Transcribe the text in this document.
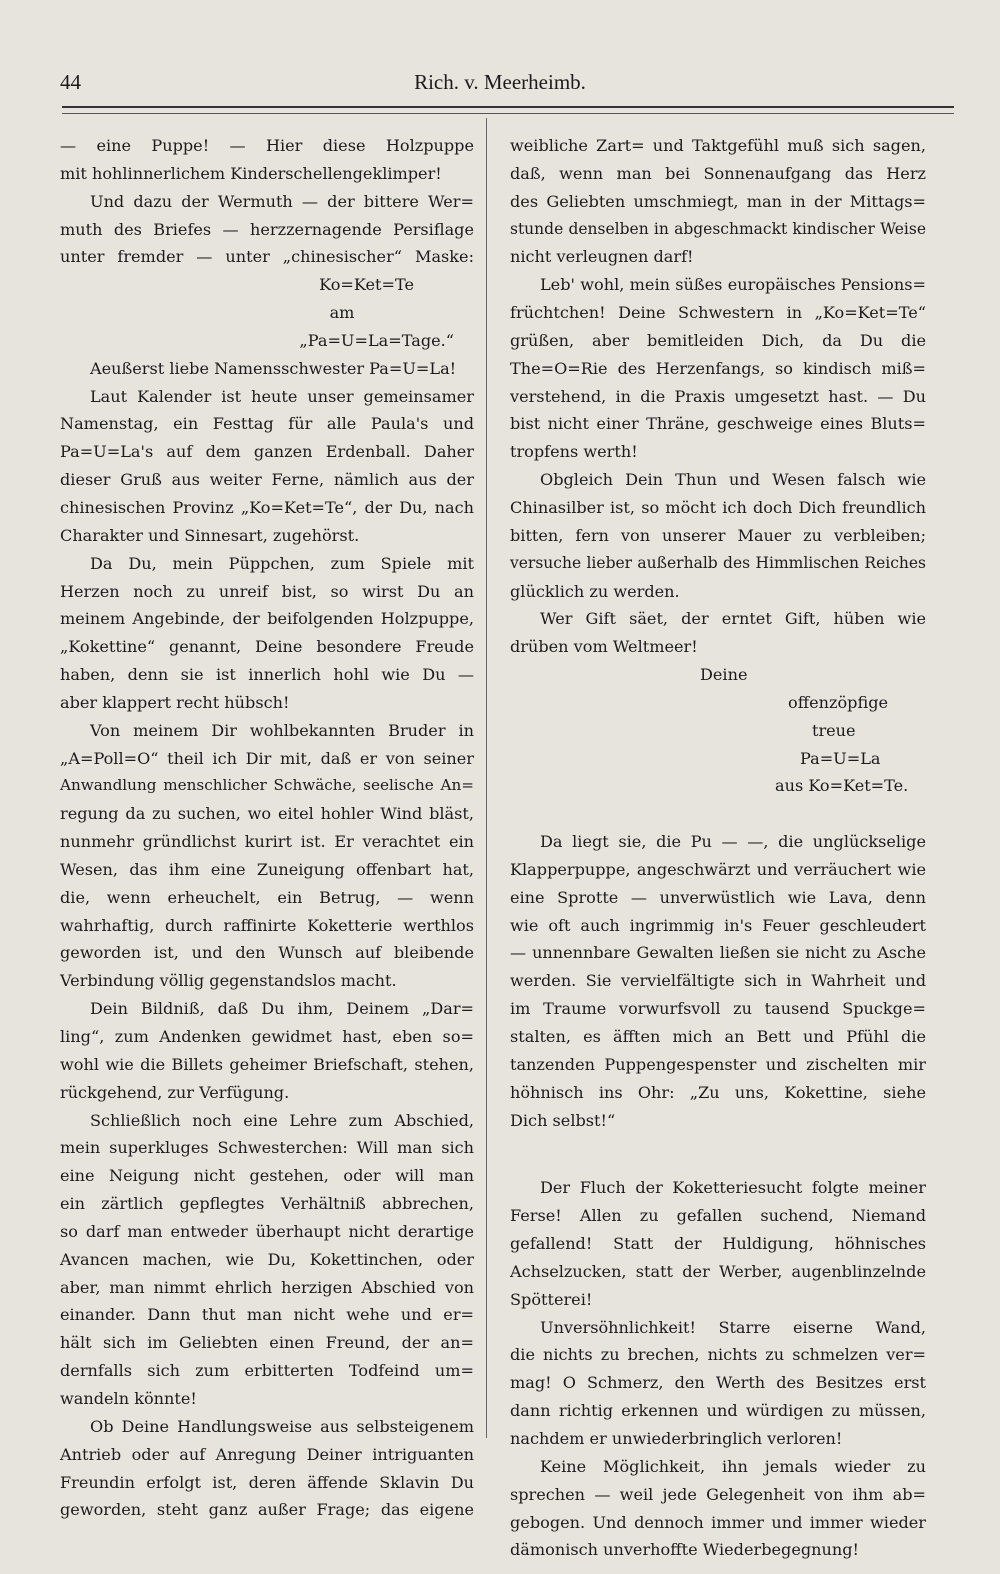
44	Rich. v. Meerheimb.
— eine Puppe! — Hier diese Holzpuppe
mit hohlinnerlichem Kinderschellengeklimper!
Und dazu der Wermuth — der bittere Wer=
muth des Briefes — herzzernagende Persiflage
unter fremder — unter „chinesischer“ Maske:
Ko=Ket=Te
am
„Pa=U=La=Tage.“
Aeußerst liebe Namensschwester Pa=U=La!
Laut Kalender ist heute unser gemeinsamer
Namenstag, ein Festtag für alle Paula's und
Pa=U=La's auf dem ganzen Erdenball. Daher
dieser Gruß aus weiter Ferne, nämlich aus der
chinesischen Provinz „Ko=Ket=Te“, der Du, nach
Charakter und Sinnesart, zugehörst.
Da Du, mein Püppchen, zum Spiele mit
Herzen noch zu unreif bist, so wirst Du an
meinem Angebinde, der beifolgenden Holzpuppe,
„Kokettine“ genannt, Deine besondere Freude
haben, denn sie ist innerlich hohl wie Du —
aber klappert recht hübsch!
Von meinem Dir wohlbekannten Bruder in
„A=Poll=O“ theil ich Dir mit, daß er von seiner
Anwandlung menschlicher Schwäche, seelische An=
regung da zu suchen, wo eitel hohler Wind bläst,
nunmehr gründlichst kurirt ist. Er verachtet ein
Wesen, das ihm eine Zuneigung offenbart hat,
die, wenn erheuchelt, ein Betrug, — wenn
wahrhaftig, durch raffinirte Koketterie werthlos
geworden ist, und den Wunsch auf bleibende
Verbindung völlig gegenstandslos macht.
Dein Bildniß, daß Du ihm, Deinem „Dar=
ling“, zum Andenken gewidmet hast, eben so=
wohl wie die Billets geheimer Briefschaft, stehen,
rückgehend, zur Verfügung.
Schließlich noch eine Lehre zum Abschied,
mein superkluges Schwesterchen: Will man sich
eine Neigung nicht gestehen, oder will man
ein zärtlich gepflegtes Verhältniß abbrechen,
so darf man entweder überhaupt nicht derartige
Avancen machen, wie Du, Kokettinchen, oder
aber, man nimmt ehrlich herzigen Abschied von
einander. Dann thut man nicht wehe und er=
hält sich im Geliebten einen Freund, der an=
dernfalls sich zum erbitterten Todfeind um=
wandeln könnte!
Ob Deine Handlungsweise aus selbsteigenem
Antrieb oder auf Anregung Deiner intriguanten
Freundin erfolgt ist, deren äffende Sklavin Du
geworden, steht ganz außer Frage; das eigene
weibliche Zart= und Taktgefühl muß sich sagen,
daß, wenn man bei Sonnenaufgang das Herz
des Geliebten umschmiegt, man in der Mittags=
stunde denselben in abgeschmackt kindischer Weise
nicht verleugnen darf!
Leb' wohl, mein süßes europäisches Pensions=
früchtchen! Deine Schwestern in „Ko=Ket=Te“
grüßen, aber bemitleiden Dich, da Du die
The=O=Rie des Herzenfangs, so kindisch miß=
verstehend, in die Praxis umgesetzt hast. — Du
bist nicht einer Thräne, geschweige eines Bluts=
tropfens werth!
Obgleich Dein Thun und Wesen falsch wie
Chinasilber ist, so möcht ich doch Dich freundlich
bitten, fern von unserer Mauer zu verbleiben;
versuche lieber außerhalb des Himmlischen Reiches
glücklich zu werden.
Wer Gift säet, der erntet Gift, hüben wie
drüben vom Weltmeer!
Deine
offenzöpfige
treue
Pa=U=La
aus Ko=Ket=Te.
Da liegt sie, die Pu — —, die unglückselige
Klapperpuppe, angeschwärzt und verräuchert wie
eine Sprotte — unverwüstlich wie Lava, denn
wie oft auch ingrimmig in's Feuer geschleudert
— unnennbare Gewalten ließen sie nicht zu Asche
werden. Sie vervielfältigte sich in Wahrheit und
im Traume vorwurfsvoll zu tausend Spuckge=
stalten, es äfften mich an Bett und Pfühl die
tanzenden Puppengespenster und zischelten mir
höhnisch ins Ohr: „Zu uns, Kokettine, siehe
Dich selbst!“
Der Fluch der Koketteriesucht folgte meiner
Ferse! Allen zu gefallen suchend, Niemand
gefallend! Statt der Huldigung, höhnisches
Achselzucken, statt der Werber, augenblinzelnde
Spötterei!
Unversöhnlichkeit! Starre eiserne Wand,
die nichts zu brechen, nichts zu schmelzen ver=
mag! O Schmerz, den Werth des Besitzes erst
dann richtig erkennen und würdigen zu müssen,
nachdem er unwiederbringlich verloren!
Keine Möglichkeit, ihn jemals wieder zu
sprechen — weil jede Gelegenheit von ihm ab=
gebogen. Und dennoch immer und immer wieder
dämonisch unverhoffte Wiederbegegnung!
